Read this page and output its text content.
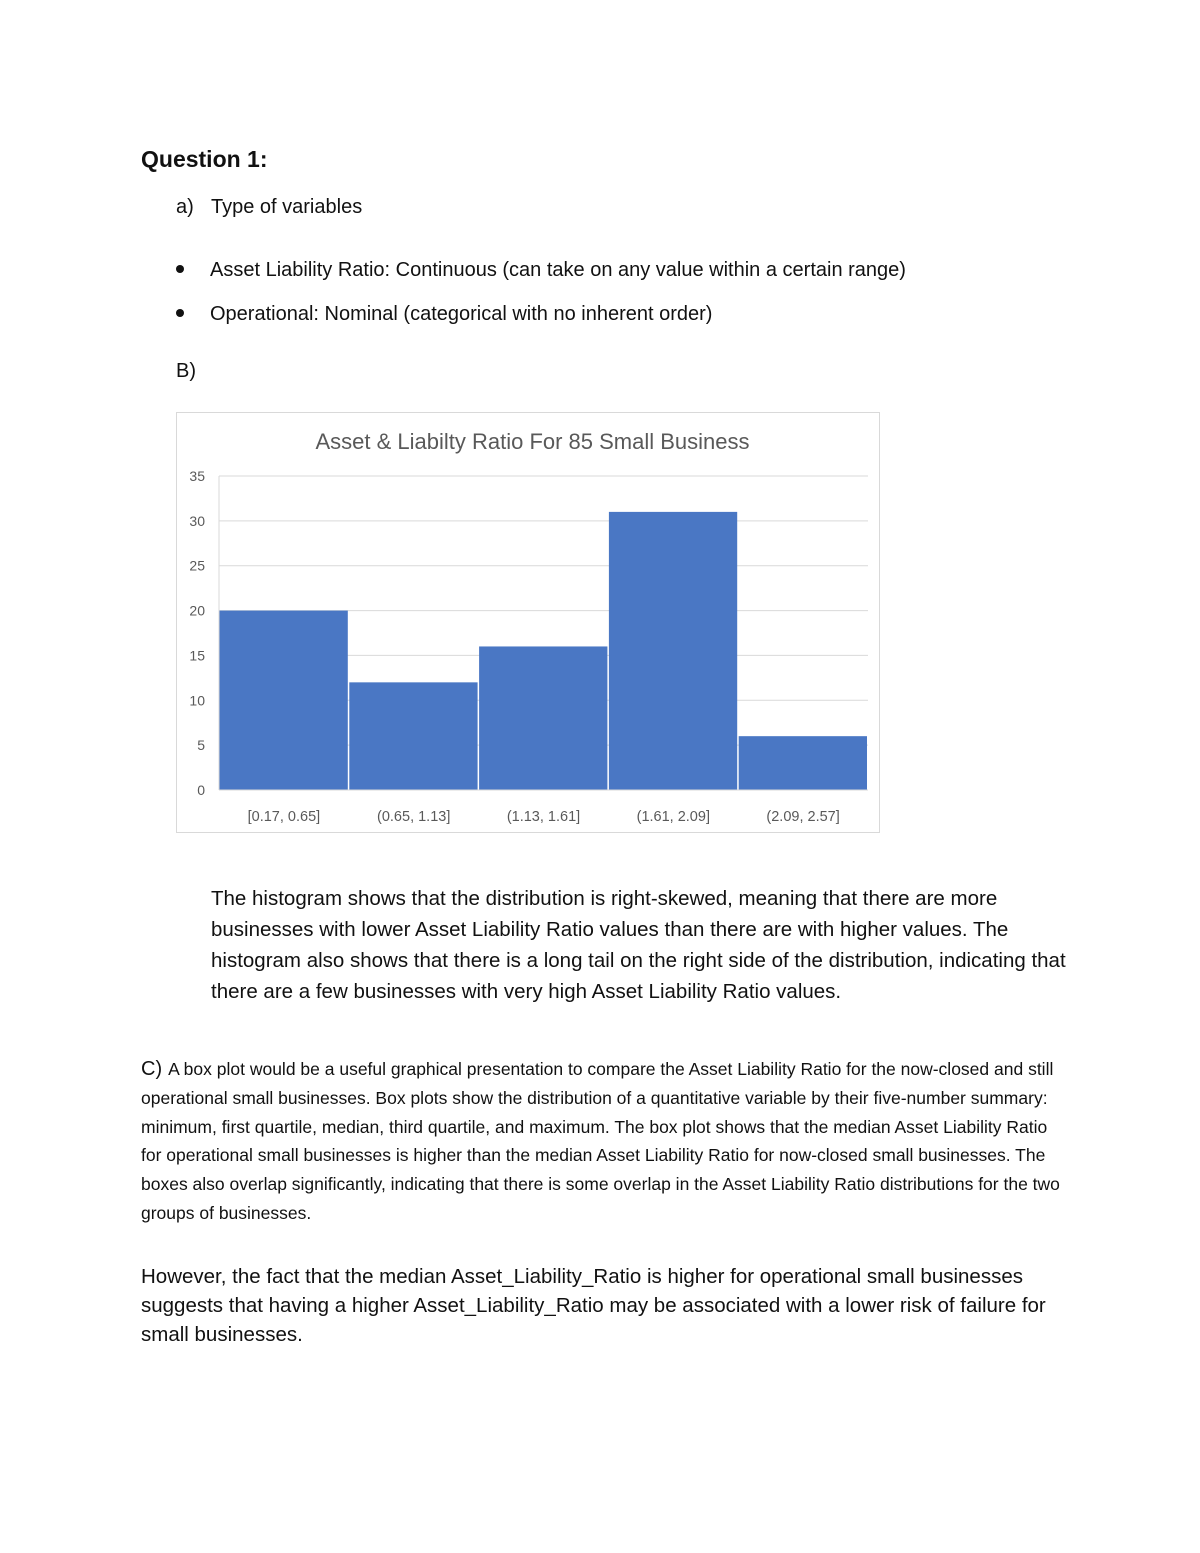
Question 1:
a) Type of variables
Asset Liability Ratio: Continuous (can take on any value within a certain range)
Operational: Nominal (categorical with no inherent order)
B)
Asset & Liabilty Ratio For 85 Small Business
0
5
10
15
20
25
30
35
[0.17, 0.65]	(0.65, 1.13]	(1.13, 1.61]	(1.61, 2.09]	(2.09, 2.57]
The histogram shows that the distribution is right-skewed, meaning that there are more businesses with lower Asset Liability Ratio values than there are with higher values. The histogram also shows that there is a long tail on the right side of the distribution, indicating that there are a few businesses with very high Asset Liability Ratio values.
C) A box plot would be a useful graphical presentation to compare the Asset Liability Ratio for the now-closed and still operational small businesses. Box plots show the distribution of a quantitative variable by their five-number summary: minimum, first quartile, median, third quartile, and maximum. The box plot shows that the median Asset Liability Ratio for operational small businesses is higher than the median Asset Liability Ratio for now-closed small businesses. The boxes also overlap significantly, indicating that there is some overlap in the Asset Liability Ratio distributions for the two groups of businesses.
However, the fact that the median Asset_Liability_Ratio is higher for operational small businesses suggests that having a higher Asset_Liability_Ratio may be associated with a lower risk of failure for small businesses.
